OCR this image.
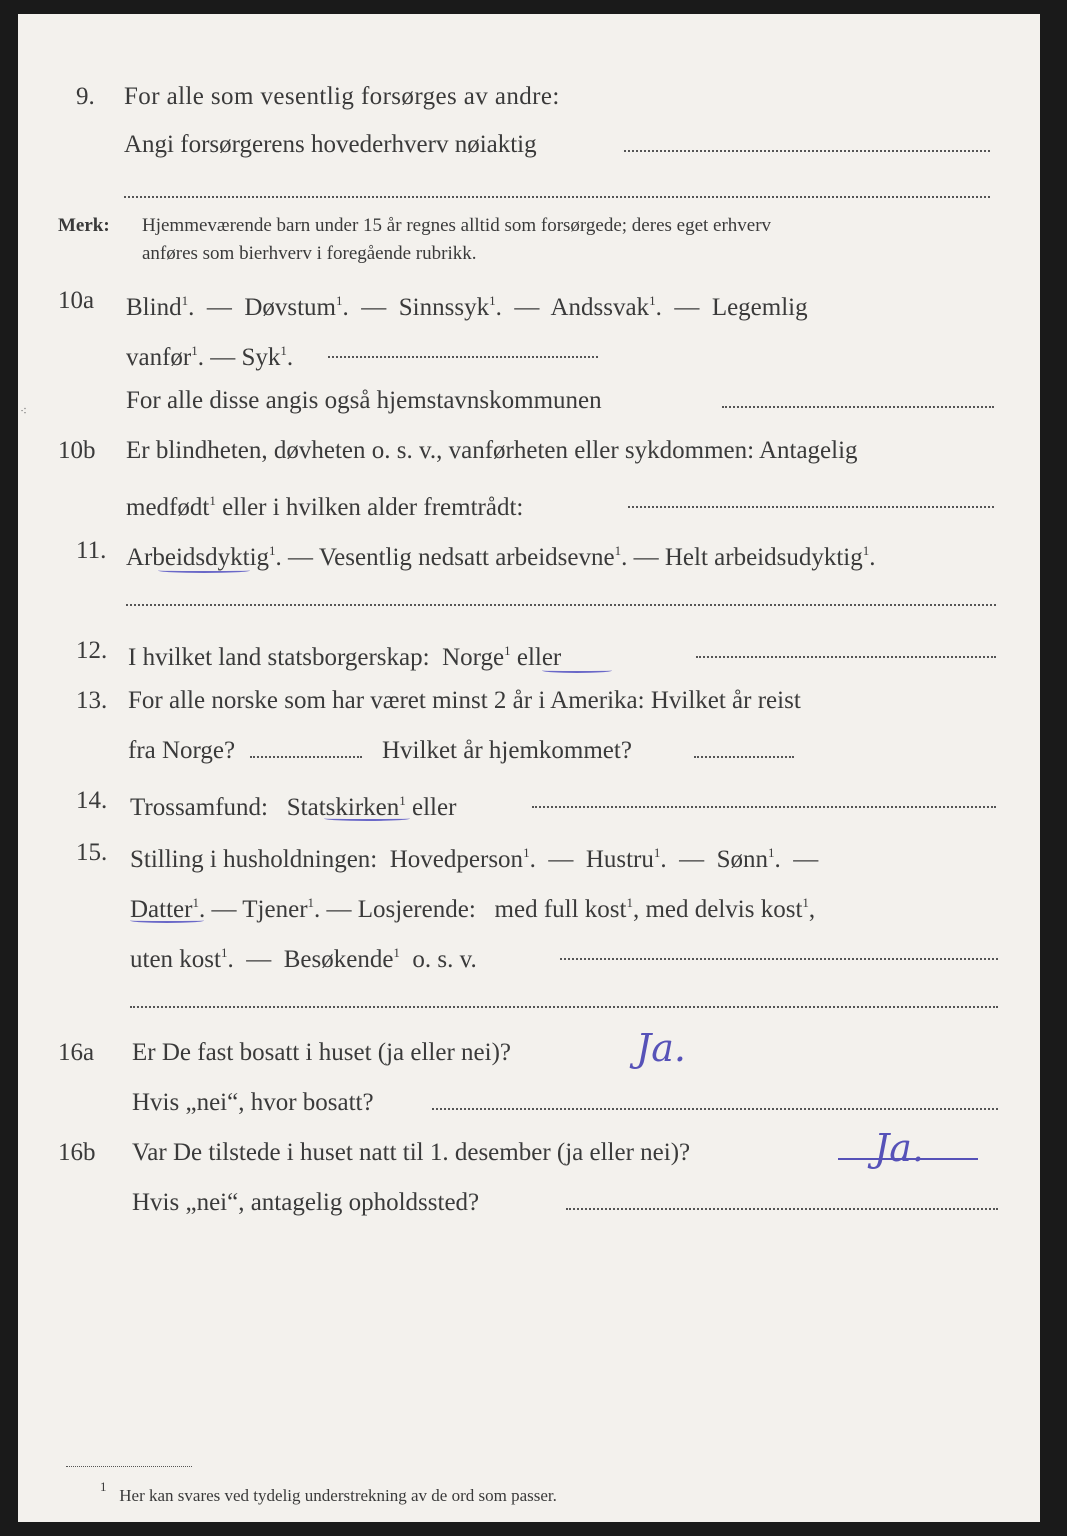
9. For alle som vesentlig forsørges av andre:
Angi forsørgerens hovederhverv nøiaktig
Merk: Hjemmeværende barn under 15 år regnes alltid som forsørgede; deres eget erhverv
anføres som bierhverv i foregående rubrikk.
10a Blind$^1$. — Døvstum$^1$. — Sinnssyk$^1$. — Andssvak$^1$. — Legemlig
vanfør$^1$. — Syk$^1$.
For alle disse angis også hjemstavnskommunen
⁖
10b Er blindheten, døvheten o. s. v., vanførheten eller sykdommen: Antagelig
medfødt$^1$ eller i hvilken alder fremtrådt:
11. Arbeidsdyktig$^1$. — Vesentlig nedsatt arbeidsevne$^1$. — Helt arbeidsudyktig$^1$.
12. I hvilket land statsborgerskap: Norge$^1$ eller
13. For alle norske som har været minst 2 år i Amerika: Hvilket år reist
fra Norge?	Hvilket år hjemkommet?
14. Trossamfund: Statskirken$^1$ eller
15. Stilling i husholdningen: Hovedperson$^1$. — Hustru$^1$. — Sønn$^1$. —
Datter$^1$. — Tjener$^1$. — Losjerende: med full kost$^1$, med delvis kost$^1$,
uten kost$^1$. — Besøkende$^1$ o. s. v.
16a Er De fast bosatt i huset (ja eller nei)?	Ja.
Hvis „nei“, hvor bosatt?
16b Var De tilstede i huset natt til 1. desember (ja eller nei)?	Ja.
Hvis „nei“, antagelig opholdssted?
$^1$ Her kan svares ved tydelig understrekning av de ord som passer.
